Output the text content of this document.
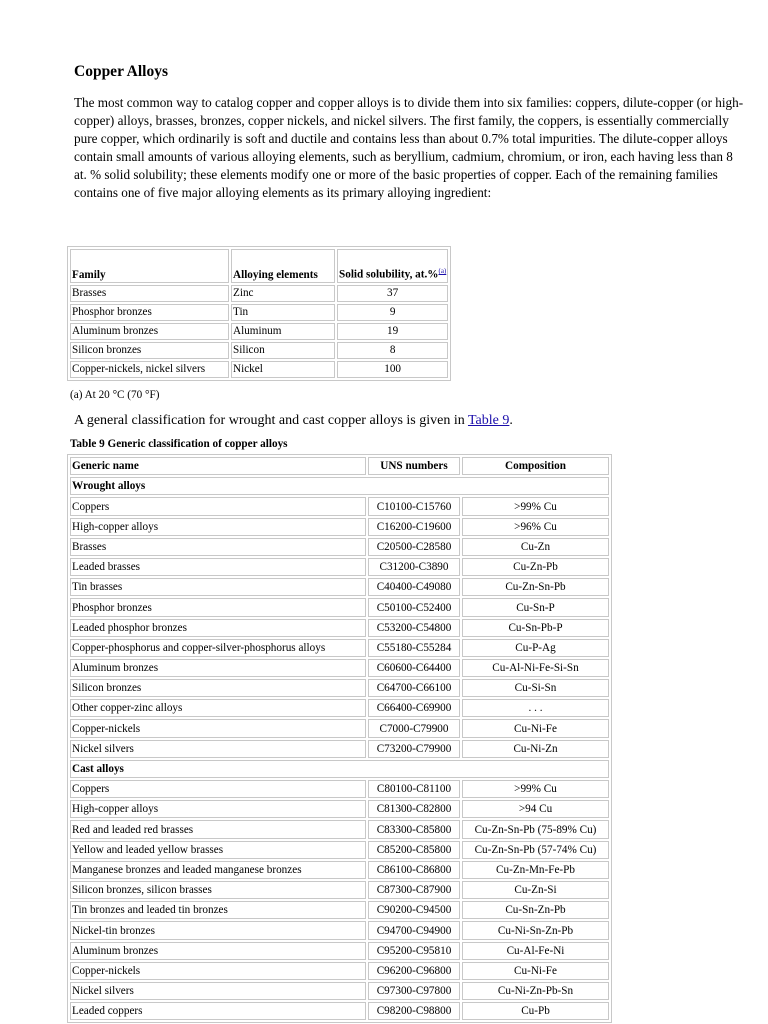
Copper Alloys

The most common way to catalog copper and copper alloys is to divide them into six families: coppers, dilute-copper (or high-copper) alloys, brasses, bronzes, copper nickels, and nickel silvers. The first family, the coppers, is essentially commercially pure copper, which ordinarily is soft and ductile and contains less than about 0.7% total impurities. The dilute-copper alloys contain small amounts of various alloying elements, such as beryllium, cadmium, chromium, or iron, each having less than 8 at. % solid solubility; these elements modify one or more of the basic properties of copper. Each of the remaining families contains one of five major alloying elements as its primary alloying ingredient:

Family	Alloying elements	Solid solubility, at.%$^{(a)}$
Brasses	Zinc	37
Phosphor bronzes	Tin	9
Aluminum bronzes	Aluminum	19
Silicon bronzes	Silicon	8
Copper-nickels, nickel silvers	Nickel	100

(a) At 20 °C (70 °F)

A general classification for wrought and cast copper alloys is given in Table 9.

Table 9 Generic classification of copper alloys

Generic name	UNS numbers	Composition
Wrought alloys		
Coppers	C10100-C15760	>99% Cu
High-copper alloys	C16200-C19600	>96% Cu
Brasses	C20500-C28580	Cu-Zn
Leaded brasses	C31200-C3890	Cu-Zn-Pb
Tin brasses	C40400-C49080	Cu-Zn-Sn-Pb
Phosphor bronzes	C50100-C52400	Cu-Sn-P
Leaded phosphor bronzes	C53200-C54800	Cu-Sn-Pb-P
Copper-phosphorus and copper-silver-phosphorus alloys	C55180-C55284	Cu-P-Ag
Aluminum bronzes	C60600-C64400	Cu-Al-Ni-Fe-Si-Sn
Silicon bronzes	C64700-C66100	Cu-Si-Sn
Other copper-zinc alloys	C66400-C69900	. . .
Copper-nickels	C7000-C79900	Cu-Ni-Fe
Nickel silvers	C73200-C79900	Cu-Ni-Zn
Cast alloys		
Coppers	C80100-C81100	>99% Cu
High-copper alloys	C81300-C82800	>94 Cu
Red and leaded red brasses	C83300-C85800	Cu-Zn-Sn-Pb (75-89% Cu)
Yellow and leaded yellow brasses	C85200-C85800	Cu-Zn-Sn-Pb (57-74% Cu)
Manganese bronzes and leaded manganese bronzes	C86100-C86800	Cu-Zn-Mn-Fe-Pb
Silicon bronzes, silicon brasses	C87300-C87900	Cu-Zn-Si
Tin bronzes and leaded tin bronzes	C90200-C94500	Cu-Sn-Zn-Pb
Nickel-tin bronzes	C94700-C94900	Cu-Ni-Sn-Zn-Pb
Aluminum bronzes	C95200-C95810	Cu-Al-Fe-Ni
Copper-nickels	C96200-C96800	Cu-Ni-Fe
Nickel silvers	C97300-C97800	Cu-Ni-Zn-Pb-Sn
Leaded coppers	C98200-C98800	Cu-Pb
